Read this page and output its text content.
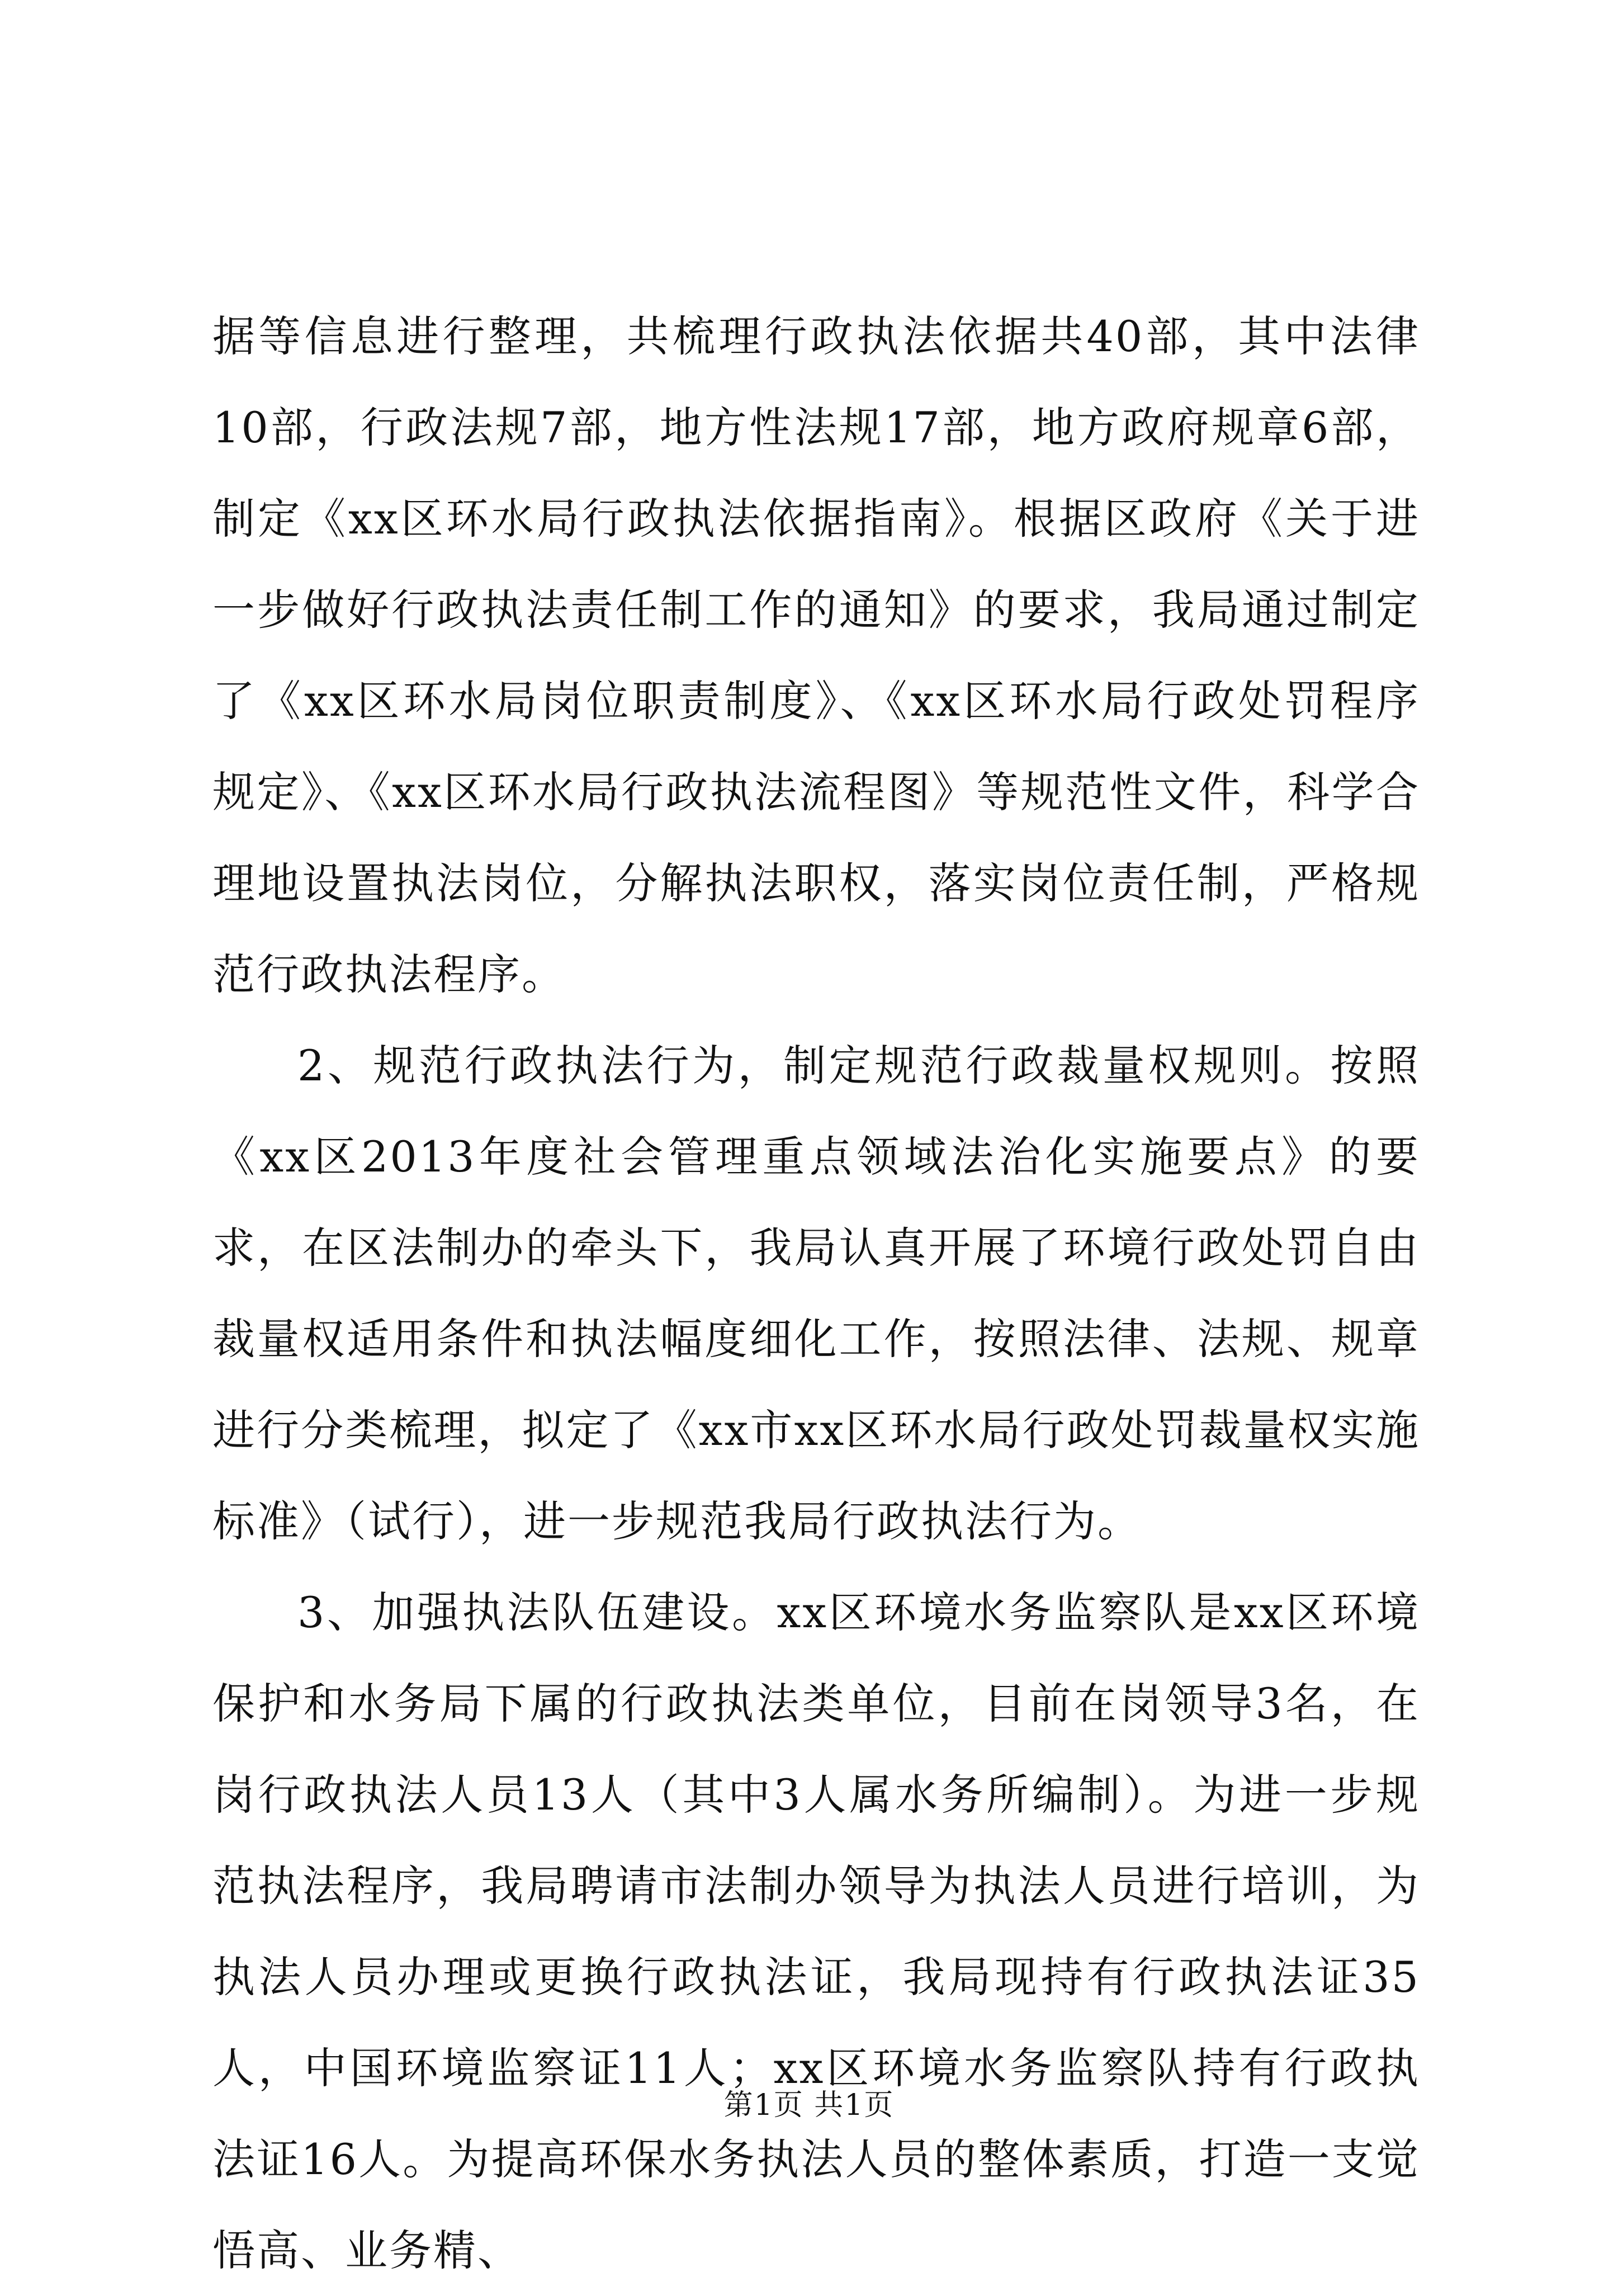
据等信息进行整理，共梳理行政执法依据共40部，其中法律10部，行政法规7部，地方性法规17部，地方政府规章6部，制定《xx区环水局行政执法依据指南》。根据区政府《关于进一步做好行政执法责任制工作的通知》的要求，我局通过制定了《xx区环水局岗位职责制度》、《xx区环水局行政处罚程序规定》、《xx区环水局行政执法流程图》等规范性文件，科学合理地设置执法岗位，分解执法职权，落实岗位责任制，严格规范行政执法程序。

2、规范行政执法行为，制定规范行政裁量权规则。按照《xx区2013年度社会管理重点领域法治化实施要点》的要求，在区法制办的牵头下，我局认真开展了环境行政处罚自由裁量权适用条件和执法幅度细化工作，按照法律、法规、规章进行分类梳理，拟定了《xx市xx区环水局行政处罚裁量权实施标准》（试行），进一步规范我局行政执法行为。

3、加强执法队伍建设。xx区环境水务监察队是xx区环境保护和水务局下属的行政执法类单位，目前在岗领导3名，在岗行政执法人员13人（其中3人属水务所编制）。为进一步规范执法程序，我局聘请市法制办领导为执法人员进行培训，为执法人员办理或更换行政执法证，我局现持有行政执法证35人，中国环境监察证11人；xx区环境水务监察队持有行政执法证16人。为提高环保水务执法人员的整体素质，打造一支觉悟高、业务精、

第1页 共1页
